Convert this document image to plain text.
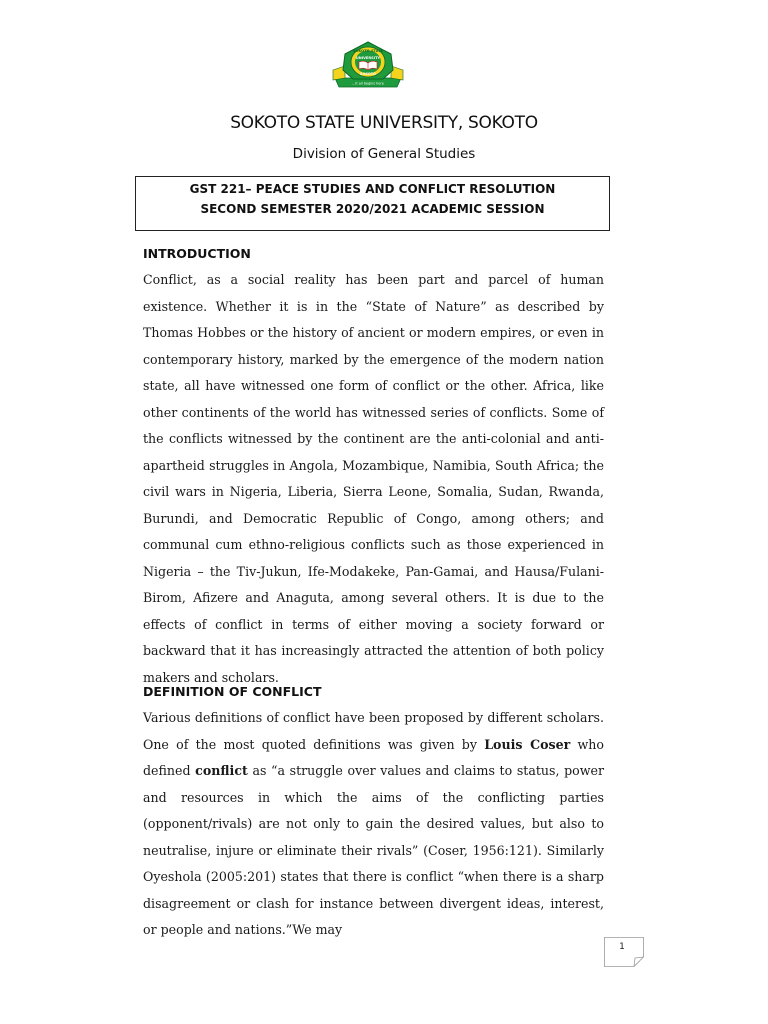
...it all begins here
SOKOTO STATE
UNIVERSITY
SOKOTO
SOKOTO STATE UNIVERSITY, SOKOTO
Division of General Studies
GST 221– PEACE STUDIES AND CONFLICT RESOLUTION
SECOND SEMESTER 2020/2021 ACADEMIC SESSION
INTRODUCTION

Conflict, as a social reality has been part and parcel of human existence. Whether it is in the “State of Nature” as described by Thomas Hobbes or the history of ancient or modern empires, or even in contemporary history, marked by the emergence of the modern nation state, all have witnessed one form of conflict or the other. Africa, like other continents of the world has witnessed series of conflicts. Some of the conflicts witnessed by the continent are the anti-colonial and anti-apartheid struggles in Angola, Mozambique, Namibia, South Africa; the civil wars in Nigeria, Liberia, Sierra Leone, Somalia, Sudan, Rwanda, Burundi, and Democratic Republic of Congo, among others; and communal cum ethno-religious conflicts such as those experienced in Nigeria – the Tiv-Jukun, Ife-Modakeke, Pan-Gamai, and Hausa/Fulani-Birom, Afizere and Anaguta, among several others. It is due to the effects of conflict in terms of either moving a society forward or backward that it has increasingly attracted the attention of both policy makers and scholars.

DEFINITION OF CONFLICT

Various definitions of conflict have been proposed by different scholars. One of the most quoted definitions was given by Louis Coser who defined conflict as “a struggle over values and claims to status, power and resources in which the aims of the conflicting parties (opponent/rivals) are not only to gain the desired values, but also to neutralise, injure or eliminate their rivals” (Coser, 1956:121). Similarly Oyeshola (2005:201) states that there is conflict “when there is a sharp disagreement or clash for instance between divergent ideas, interest, or people and nations.”We may

1
